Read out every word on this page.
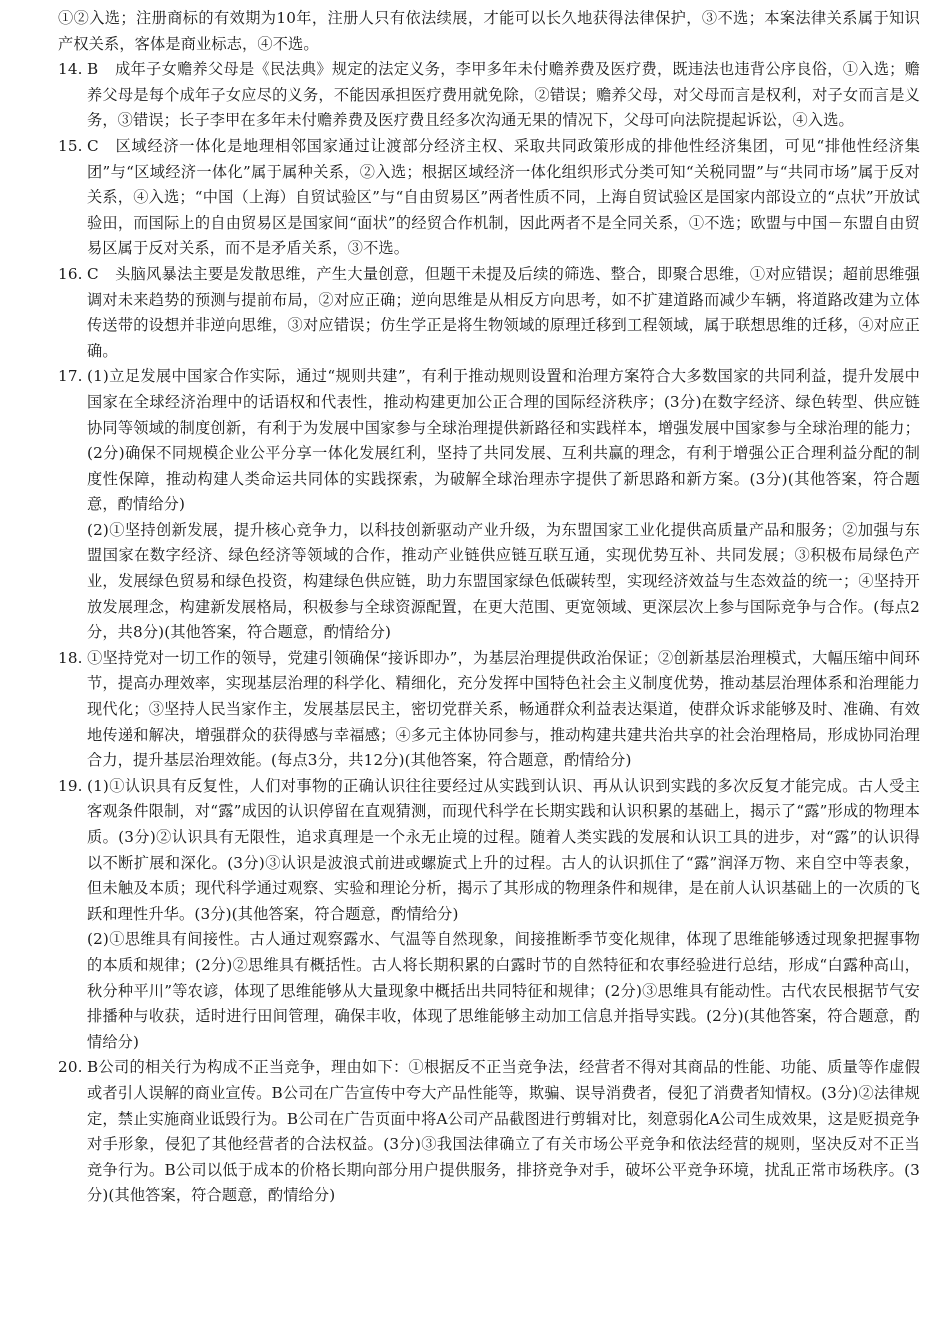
①②入选；注册商标的有效期为10年，注册人只有依法续展，才能可以长久地获得法律保护，③不选；本案法律关系属于知识产权关系，客体是商业标志，④不选。

14. B 成年子女赡养父母是《民法典》规定的法定义务，李甲多年未付赡养费及医疗费，既违法也违背公序良俗，①入选；赡养父母是每个成年子女应尽的义务，不能因承担医疗费用就免除，②错误；赡养父母，对父母而言是权利，对子女而言是义务，③错误；长子李甲在多年未付赡养费及医疗费且经多次沟通无果的情况下，父母可向法院提起诉讼，④入选。

15. C 区域经济一体化是地理相邻国家通过让渡部分经济主权、采取共同政策形成的排他性经济集团，可见“排他性经济集团”与“区域经济一体化”属于属种关系，②入选；根据区域经济一体化组织形式分类可知“关税同盟”与“共同市场”属于反对关系，④入选；“中国（上海）自贸试验区”与“自由贸易区”两者性质不同，上海自贸试验区是国家内部设立的“点状”开放试验田，而国际上的自由贸易区是国家间“面状”的经贸合作机制，因此两者不是全同关系，①不选；欧盟与中国－东盟自由贸易区属于反对关系，而不是矛盾关系，③不选。

16. C 头脑风暴法主要是发散思维，产生大量创意，但题干未提及后续的筛选、整合，即聚合思维，①对应错误；超前思维强调对未来趋势的预测与提前布局，②对应正确；逆向思维是从相反方向思考，如不扩建道路而减少车辆，将道路改建为立体传送带的设想并非逆向思维，③对应错误；仿生学正是将生物领域的原理迁移到工程领域，属于联想思维的迁移，④对应正确。

17. (1)立足发展中国家合作实际，通过“规则共建”，有利于推动规则设置和治理方案符合大多数国家的共同利益，提升发展中国家在全球经济治理中的话语权和代表性，推动构建更加公正合理的国际经济秩序；(3分)在数字经济、绿色转型、供应链协同等领域的制度创新，有利于为发展中国家参与全球治理提供新路径和实践样本，增强发展中国家参与全球治理的能力；(2分)确保不同规模企业公平分享一体化发展红利，坚持了共同发展、互利共赢的理念，有利于增强公正合理利益分配的制度性保障，推动构建人类命运共同体的实践探索，为破解全球治理赤字提供了新思路和新方案。(3分)(其他答案，符合题意，酌情给分)

(2)①坚持创新发展，提升核心竞争力，以科技创新驱动产业升级，为东盟国家工业化提供高质量产品和服务；②加强与东盟国家在数字经济、绿色经济等领域的合作，推动产业链供应链互联互通，实现优势互补、共同发展；③积极布局绿色产业，发展绿色贸易和绿色投资，构建绿色供应链，助力东盟国家绿色低碳转型，实现经济效益与生态效益的统一；④坚持开放发展理念，构建新发展格局，积极参与全球资源配置，在更大范围、更宽领域、更深层次上参与国际竞争与合作。(每点2分，共8分)(其他答案，符合题意，酌情给分)

18. ①坚持党对一切工作的领导，党建引领确保“接诉即办”，为基层治理提供政治保证；②创新基层治理模式，大幅压缩中间环节，提高办理效率，实现基层治理的科学化、精细化，充分发挥中国特色社会主义制度优势，推动基层治理体系和治理能力现代化；③坚持人民当家作主，发展基层民主，密切党群关系，畅通群众利益表达渠道，使群众诉求能够及时、准确、有效地传递和解决，增强群众的获得感与幸福感；④多元主体协同参与，推动构建共建共治共享的社会治理格局，形成协同治理合力，提升基层治理效能。(每点3分，共12分)(其他答案，符合题意，酌情给分)

19. (1)①认识具有反复性，人们对事物的正确认识往往要经过从实践到认识、再从认识到实践的多次反复才能完成。古人受主客观条件限制，对“露”成因的认识停留在直观猜测，而现代科学在长期实践和认识积累的基础上，揭示了“露”形成的物理本质。(3分)②认识具有无限性，追求真理是一个永无止境的过程。随着人类实践的发展和认识工具的进步，对“露”的认识得以不断扩展和深化。(3分)③认识是波浪式前进或螺旋式上升的过程。古人的认识抓住了“露”润泽万物、来自空中等表象，但未触及本质；现代科学通过观察、实验和理论分析，揭示了其形成的物理条件和规律，是在前人认识基础上的一次质的飞跃和理性升华。(3分)(其他答案，符合题意，酌情给分)

(2)①思维具有间接性。古人通过观察露水、气温等自然现象，间接推断季节变化规律，体现了思维能够透过现象把握事物的本质和规律；(2分)②思维具有概括性。古人将长期积累的白露时节的自然特征和农事经验进行总结，形成“白露种高山，秋分种平川”等农谚，体现了思维能够从大量现象中概括出共同特征和规律；(2分)③思维具有能动性。古代农民根据节气安排播种与收获，适时进行田间管理，确保丰收，体现了思维能够主动加工信息并指导实践。(2分)(其他答案，符合题意，酌情给分)

20. B公司的相关行为构成不正当竞争，理由如下：①根据反不正当竞争法，经营者不得对其商品的性能、功能、质量等作虚假或者引人误解的商业宣传。B公司在广告宣传中夸大产品性能等，欺骗、误导消费者，侵犯了消费者知情权。(3分)②法律规定，禁止实施商业诋毁行为。B公司在广告页面中将A公司产品截图进行剪辑对比，刻意弱化A公司生成效果，这是贬损竞争对手形象，侵犯了其他经营者的合法权益。(3分)③我国法律确立了有关市场公平竞争和依法经营的规则，坚决反对不正当竞争行为。B公司以低于成本的价格长期向部分用户提供服务，排挤竞争对手，破坏公平竞争环境，扰乱正常市场秩序。(3分)(其他答案，符合题意，酌情给分)
